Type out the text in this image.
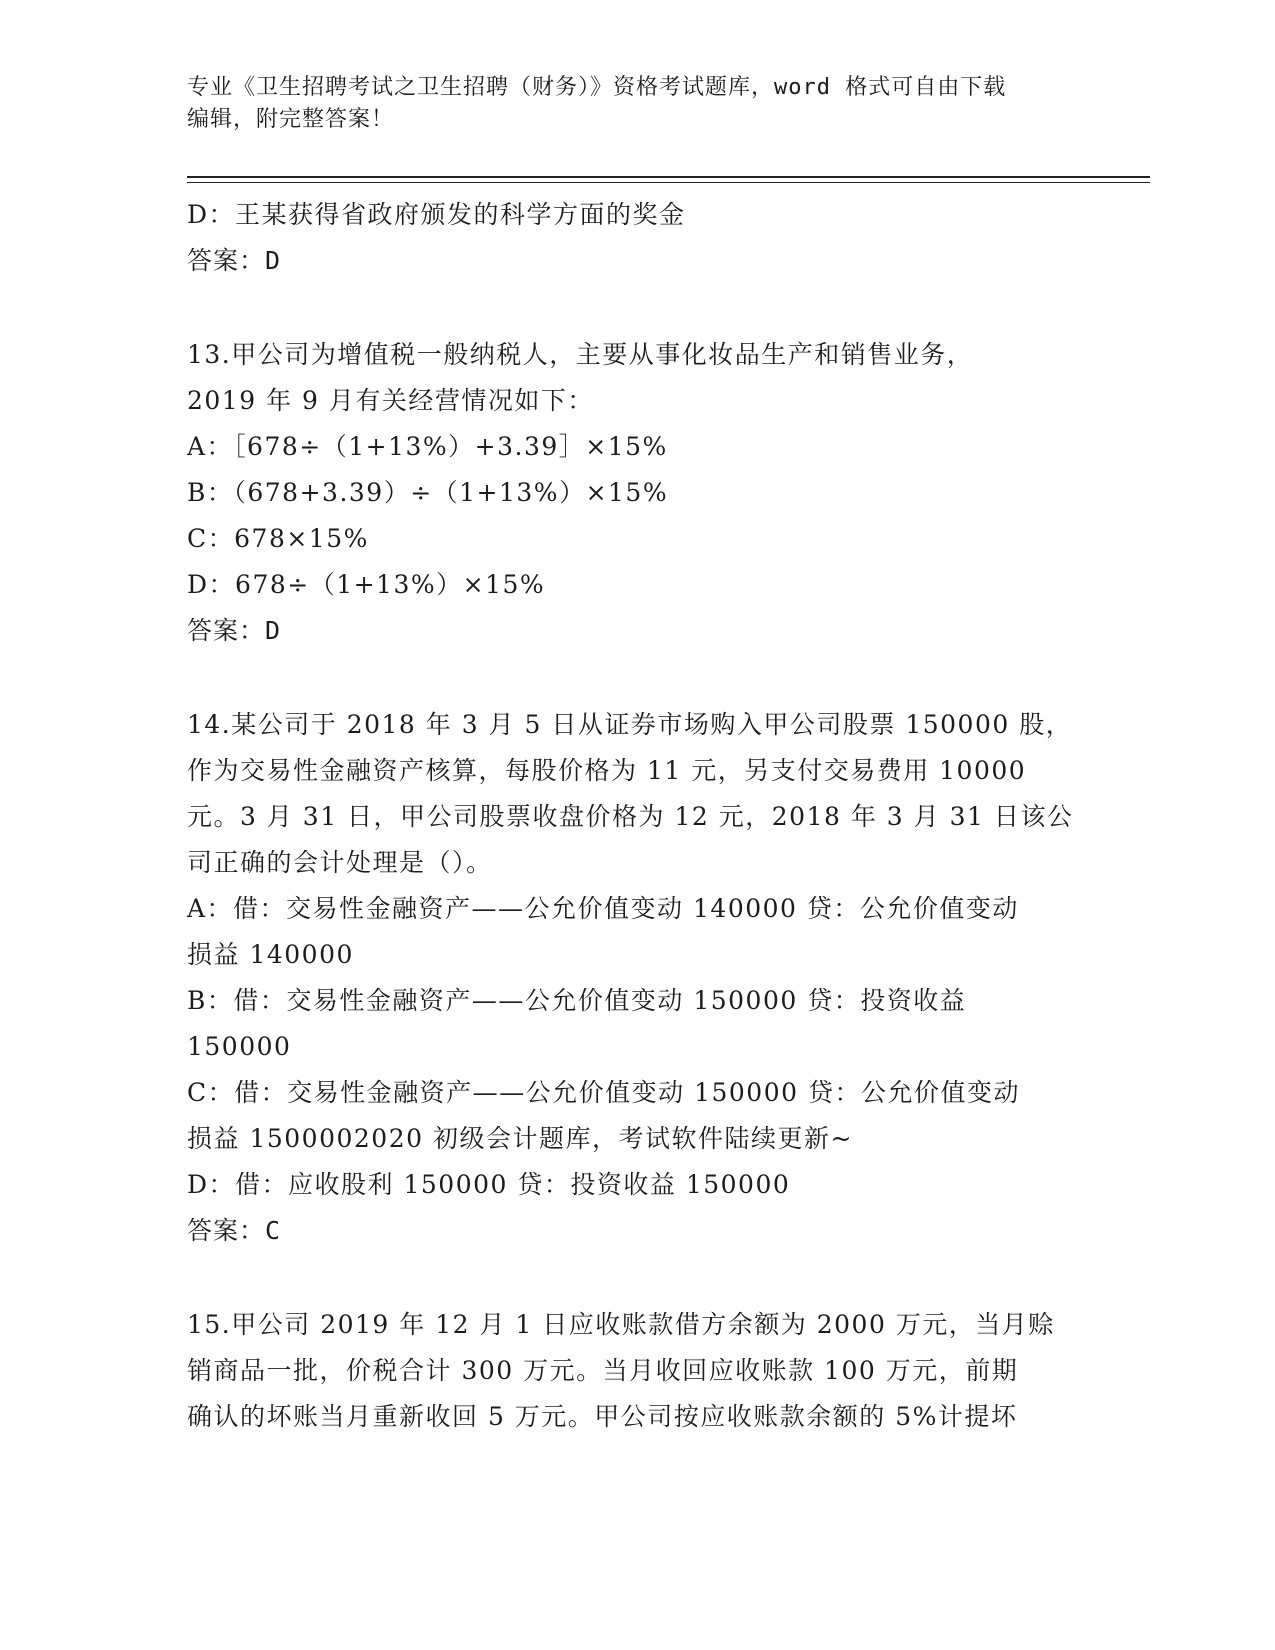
专业《卫生招聘考试之卫生招聘（财务）》资格考试题库，word 格式可自由下载
编辑，附完整答案！
D：王某获得省政府颁发的科学方面的奖金
答案：D
13.甲公司为增值税一般纳税人，主要从事化妆品生产和销售业务，
2019 年 9 月有关经营情况如下：
A：［678÷（1+13%）+3.39］×15%
B：（678+3.39）÷（1+13%）×15%
C：678×15%
D：678÷（1+13%）×15%
答案：D
14.某公司于 2018 年 3 月 5 日从证券市场购入甲公司股票 150000 股，
作为交易性金融资产核算，每股价格为 11 元，另支付交易费用 10000
元。3 月 31 日，甲公司股票收盘价格为 12 元，2018 年 3 月 31 日该公
司正确的会计处理是（）。
A：借：交易性金融资产——公允价值变动 140000 贷：公允价值变动
损益 140000
B：借：交易性金融资产——公允价值变动 150000 贷：投资收益
150000
C：借：交易性金融资产——公允价值变动 150000 贷：公允价值变动
损益 1500002020 初级会计题库，考试软件陆续更新~
D：借：应收股利 150000 贷：投资收益 150000
答案：C
15.甲公司 2019 年 12 月 1 日应收账款借方余额为 2000 万元，当月赊
销商品一批，价税合计 300 万元。当月收回应收账款 100 万元，前期
确认的坏账当月重新收回 5 万元。甲公司按应收账款余额的 5%计提坏
